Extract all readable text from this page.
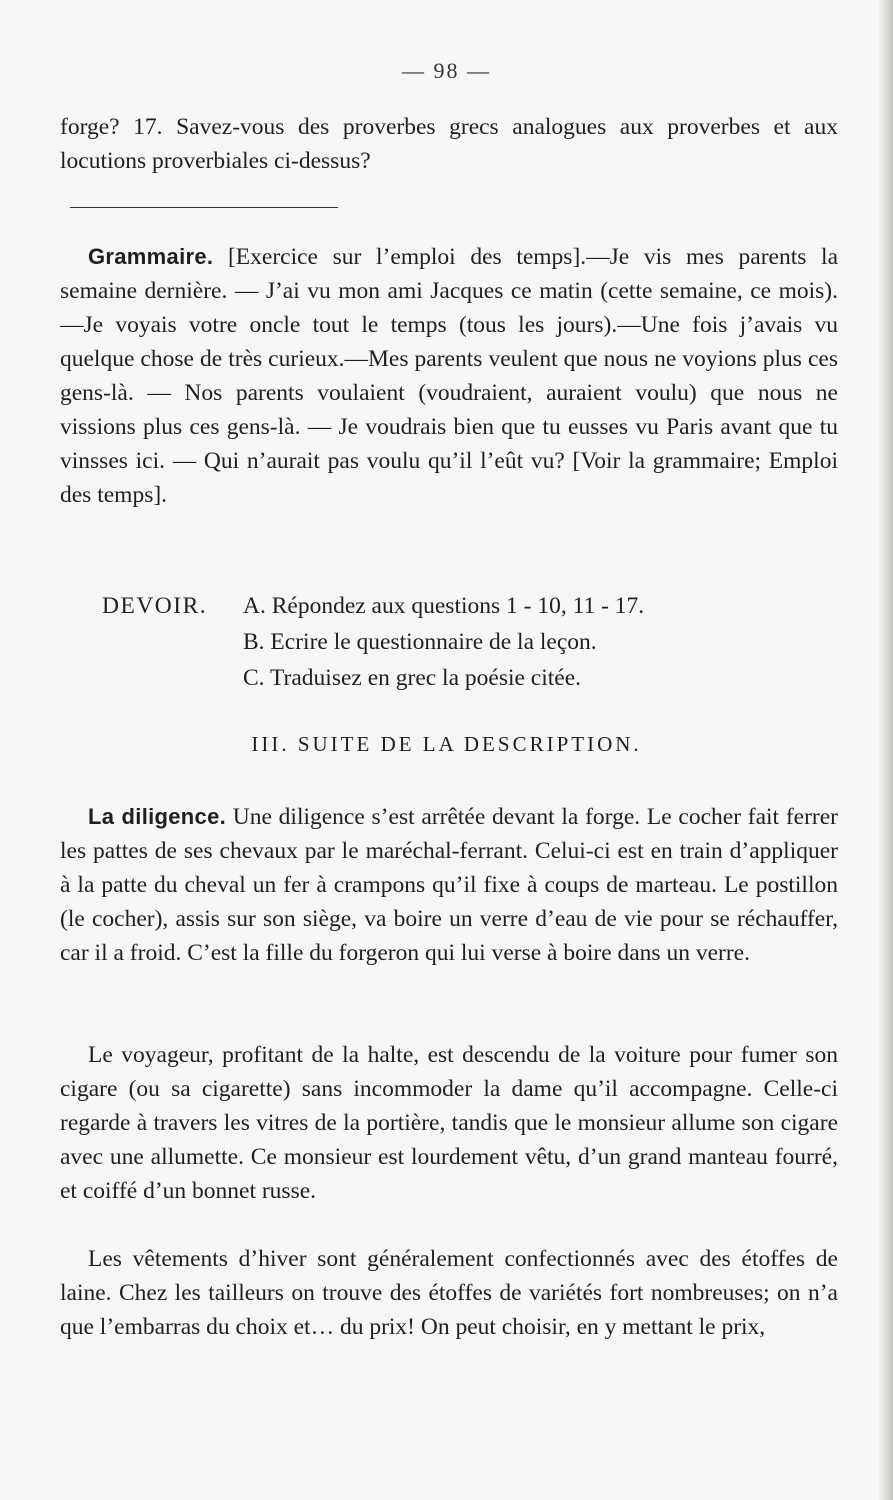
— 98 —
forge? 17. Savez-vous des proverbes grecs analogues aux proverbes et aux locutions proverbiales ci-dessus?
Grammaire. [Exercice sur l’emploi des temps].—Je vis mes parents la semaine dernière. — J’ai vu mon ami Jacques ce matin (cette semaine, ce mois).—Je voyais votre oncle tout le temps (tous les jours).—Une fois j’avais vu quelque chose de très curieux.—Mes parents veulent que nous ne voyions plus ces gens-là. — Nos parents voulaient (voudraient, auraient voulu) que nous ne vissions plus ces gens-là. — Je voudrais bien que tu eusses vu Paris avant que tu vinsses ici. — Qui n’aurait pas voulu qu’il l’eût vu? [Voir la grammaire; Emploi des temps].
DEVOIR. A. Répondez aux questions 1 - 10, 11 - 17.
B. Ecrire le questionnaire de la leçon.
C. Traduisez en grec la poésie citée.
III. SUITE DE LA DESCRIPTION.
La diligence. Une diligence s’est arrêtée devant la forge. Le cocher fait ferrer les pattes de ses chevaux par le maréchal-ferrant. Celui-ci est en train d’appliquer à la patte du cheval un fer à crampons qu’il fixe à coups de marteau. Le postillon (le cocher), assis sur son siège, va boire un verre d’eau de vie pour se réchauffer, car il a froid. C’est la fille du forgeron qui lui verse à boire dans un verre.
Le voyageur, profitant de la halte, est descendu de la voiture pour fumer son cigare (ou sa cigarette) sans incommoder la dame qu’il accompagne. Celle-ci regarde à travers les vitres de la portière, tandis que le monsieur allume son cigare avec une allumette. Ce monsieur est lourdement vêtu, d’un grand manteau fourré, et coiffé d’un bonnet russe.
Les vêtements d’hiver sont généralement confectionnés avec des étoffes de laine. Chez les tailleurs on trouve des étoffes de variétés fort nombreuses; on n’a que l’embarras du choix et… du prix! On peut choisir, en y mettant le prix,
